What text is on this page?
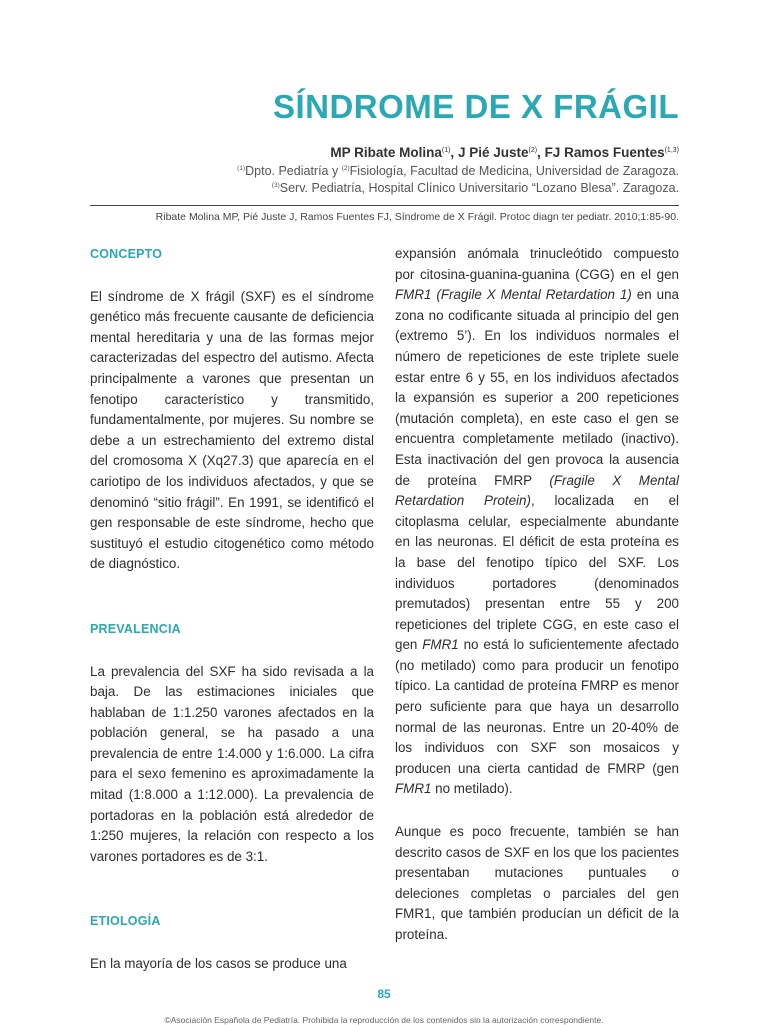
SÍNDROME DE X FRÁGIL
MP Ribate Molina$^{(1)}$, J Pié Juste$^{(2)}$, FJ Ramos Fuentes$^{(1,3)}$
$^{(1)}$Dpto. Pediatría y $^{(2)}$Fisiología, Facultad de Medicina, Universidad de Zaragoza.
$^{(3)}$Serv. Pediatría, Hospital Clínico Universitario “Lozano Blesa”. Zaragoza.
Ribate Molina MP, Pié Juste J, Ramos Fuentes FJ, Síndrome de X Frágil. Protoc diagn ter pediatr. 2010;1:85-90.
CONCEPTO

El síndrome de X frágil (SXF) es el síndrome genético más frecuente causante de deficiencia mental hereditaria y una de las formas mejor caracterizadas del espectro del autismo. Afecta principalmente a varones que presentan un fenotipo característico y transmitido, fundamentalmente, por mujeres. Su nombre se debe a un estrechamiento del extremo distal del cromosoma X (Xq27.3) que aparecía en el cariotipo de los individuos afectados, y que se denominó “sitio frágil”. En 1991, se identificó el gen responsable de este síndrome, hecho que sustituyó el estudio citogenético como método de diagnóstico.

PREVALENCIA

La prevalencia del SXF ha sido revisada a la baja. De las estimaciones iniciales que hablaban de 1:1.250 varones afectados en la población general, se ha pasado a una prevalencia de entre 1:4.000 y 1:6.000. La cifra para el sexo femenino es aproximadamente la mitad (1:8.000 a 1:12.000). La prevalencia de portadoras en la población está alrededor de 1:250 mujeres, la relación con respecto a los varones portadores es de 3:1.

ETIOLOGÍA

En la mayoría de los casos se produce una

expansión anómala trinucleótido compuesto por citosina-guanina-guanina (CGG) en el gen FMR1 (Fragile X Mental Retardation 1) en una zona no codificante situada al principio del gen (extremo 5’). En los individuos normales el número de repeticiones de este triplete suele estar entre 6 y 55, en los individuos afectados la expansión es superior a 200 repeticiones (mutación completa), en este caso el gen se encuentra completamente metilado (inactivo). Esta inactivación del gen provoca la ausencia de proteína FMRP (Fragile X Mental Retardation Protein), localizada en el citoplasma celular, especialmente abundante en las neuronas. El déficit de esta proteína es la base del fenotipo típico del SXF. Los individuos portadores (denominados premutados) presentan entre 55 y 200 repeticiones del triplete CGG, en este caso el gen FMR1 no está lo suficientemente afectado (no metilado) como para producir un fenotipo típico. La cantidad de proteína FMRP es menor pero suficiente para que haya un desarrollo normal de las neuronas. Entre un 20-40% de los individuos con SXF son mosaicos y producen una cierta cantidad de FMRP (gen FMR1 no metilado).

Aunque es poco frecuente, también se han descrito casos de SXF en los que los pacientes presentaban mutaciones puntuales o deleciones completas o parciales del gen FMR1, que también producían un déficit de la proteína.

85
©Asociación Española de Pediatría. Prohibida la reproducción de los contenidos sin la autorización correspondiente.
